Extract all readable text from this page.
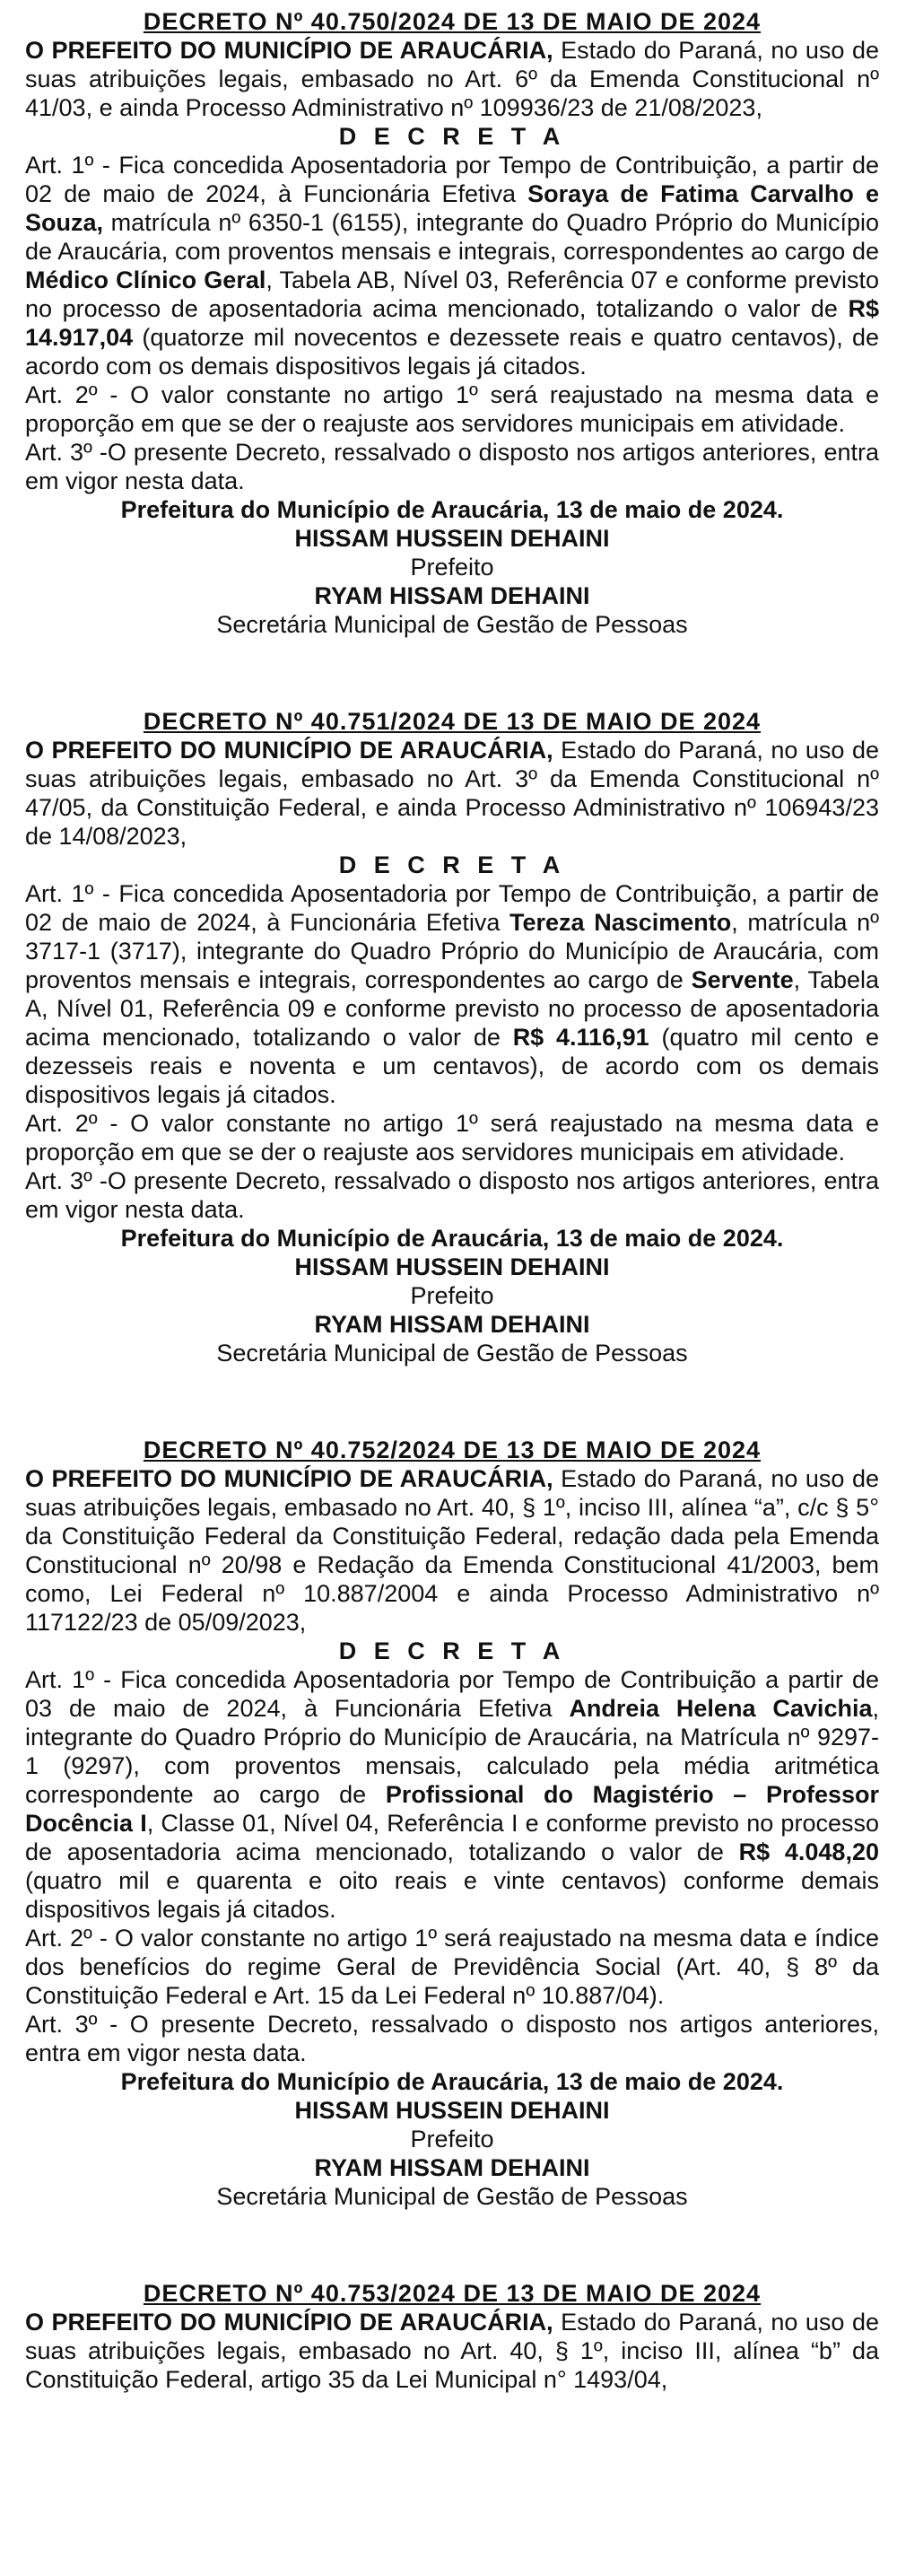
DECRETO Nº 40.750/2024 DE 13 DE MAIO DE 2024

O PREFEITO DO MUNICÍPIO DE ARAUCÁRIA, Estado do Paraná, no uso de suas atribuições legais, embasado no Art. 6º da Emenda Constitucional nº 41/03, e ainda Processo Administrativo nº 109936/23 de 21/08/2023,

D E C R E T A

Art. 1º - Fica concedida Aposentadoria por Tempo de Contribuição, a partir de 02 de maio de 2024, à Funcionária Efetiva Soraya de Fatima Carvalho e Souza, matrícula nº 6350-1 (6155), integrante do Quadro Próprio do Município de Araucária, com proventos mensais e integrais, correspondentes ao cargo de Médico Clínico Geral, Tabela AB, Nível 03, Referência 07 e conforme previsto no processo de aposentadoria acima mencionado, totalizando o valor de R$ 14.917,04 (quatorze mil novecentos e dezessete reais e quatro centavos), de acordo com os demais dispositivos legais já citados.

Art. 2º - O valor constante no artigo 1º será reajustado na mesma data e proporção em que se der o reajuste aos servidores municipais em atividade.

Art. 3º -O presente Decreto, ressalvado o disposto nos artigos anteriores, entra em vigor nesta data.

Prefeitura do Município de Araucária, 13 de maio de 2024.

HISSAM HUSSEIN DEHAINI

Prefeito

RYAM HISSAM DEHAINI

Secretária Municipal de Gestão de Pessoas

DECRETO Nº 40.751/2024 DE 13 DE MAIO DE 2024

O PREFEITO DO MUNICÍPIO DE ARAUCÁRIA, Estado do Paraná, no uso de suas atribuições legais, embasado no Art. 3º da Emenda Constitucional nº 47/05, da Constituição Federal, e ainda Processo Administrativo nº 106943/23 de 14/08/2023,

D E C R E T A

Art. 1º - Fica concedida Aposentadoria por Tempo de Contribuição, a partir de 02 de maio de 2024, à Funcionária Efetiva Tereza Nascimento, matrícula nº 3717-1 (3717), integrante do Quadro Próprio do Município de Araucária, com proventos mensais e integrais, correspondentes ao cargo de Servente, Tabela A, Nível 01, Referência 09 e conforme previsto no processo de aposentadoria acima mencionado, totalizando o valor de R$ 4.116,91 (quatro mil cento e dezesseis reais e noventa e um centavos), de acordo com os demais dispositivos legais já citados.

Art. 2º - O valor constante no artigo 1º será reajustado na mesma data e proporção em que se der o reajuste aos servidores municipais em atividade.

Art. 3º -O presente Decreto, ressalvado o disposto nos artigos anteriores, entra em vigor nesta data.

Prefeitura do Município de Araucária, 13 de maio de 2024.

HISSAM HUSSEIN DEHAINI

Prefeito

RYAM HISSAM DEHAINI

Secretária Municipal de Gestão de Pessoas

DECRETO Nº 40.752/2024 DE 13 DE MAIO DE 2024

O PREFEITO DO MUNICÍPIO DE ARAUCÁRIA, Estado do Paraná, no uso de suas atribuições legais, embasado no Art. 40, § 1º, inciso III, alínea “a”, c/c § 5° da Constituição Federal da Constituição Federal, redação dada pela Emenda Constitucional nº 20/98 e Redação da Emenda Constitucional 41/2003, bem como, Lei Federal nº 10.887/2004 e ainda Processo Administrativo nº 117122/23 de 05/09/2023,

D E C R E T A

Art. 1º - Fica concedida Aposentadoria por Tempo de Contribuição a partir de 03 de maio de 2024, à Funcionária Efetiva Andreia Helena Cavichia, integrante do Quadro Próprio do Município de Araucária, na Matrícula nº 9297-1 (9297), com proventos mensais, calculado pela média aritmética correspondente ao cargo de Profissional do Magistério – Professor Docência I, Classe 01, Nível 04, Referência I e conforme previsto no processo de aposentadoria acima mencionado, totalizando o valor de R$ 4.048,20 (quatro mil e quarenta e oito reais e vinte centavos) conforme demais dispositivos legais já citados.

Art. 2º - O valor constante no artigo 1º será reajustado na mesma data e índice dos benefícios do regime Geral de Previdência Social (Art. 40, § 8º da Constituição Federal e Art. 15 da Lei Federal nº 10.887/04).

Art. 3º - O presente Decreto, ressalvado o disposto nos artigos anteriores, entra em vigor nesta data.

Prefeitura do Município de Araucária, 13 de maio de 2024.

HISSAM HUSSEIN DEHAINI

Prefeito

RYAM HISSAM DEHAINI

Secretária Municipal de Gestão de Pessoas

DECRETO Nº 40.753/2024 DE 13 DE MAIO DE 2024

O PREFEITO DO MUNICÍPIO DE ARAUCÁRIA, Estado do Paraná, no uso de suas atribuições legais, embasado no Art. 40, § 1º, inciso III, alínea “b” da Constituição Federal, artigo 35 da Lei Municipal n° 1493/04,
